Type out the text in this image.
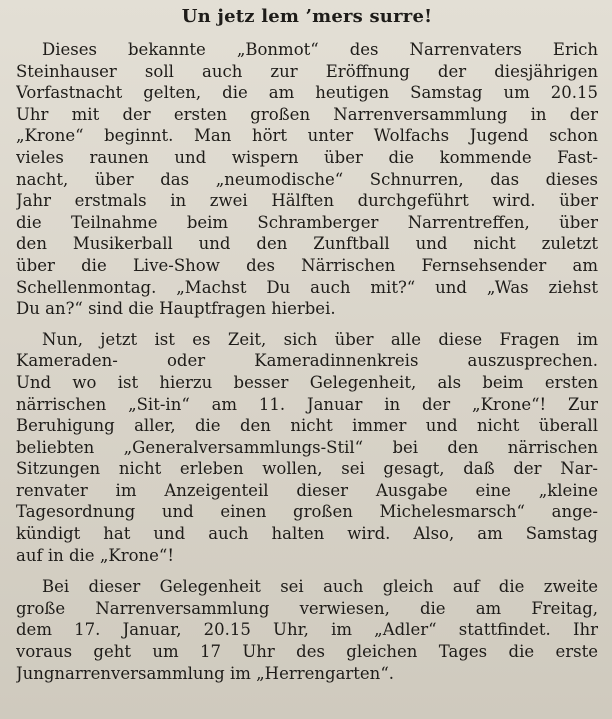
Un jetz lem ’mers surre!
Dieses bekannte „Bonmot“ des Narrenvaters Erich
Steinhauser soll auch zur Eröffnung der diesjährigen
Vorfastnacht gelten, die am heutigen Samstag um 20.15
Uhr mit der ersten großen Narrenversammlung in der
„Krone“ beginnt. Man hört unter Wolfachs Jugend schon
vieles raunen und wispern über die kommende Fast-
nacht, über das „neumodische“ Schnurren, das dieses
Jahr erstmals in zwei Hälften durchgeführt wird. über
die Teilnahme beim Schramberger Narrentreffen, über
den Musikerball und den Zunftball und nicht zuletzt
über die Live-Show des Närrischen Fernsehsender am
Schellenmontag. „Machst Du auch mit?“ und „Was ziehst
Du an?“ sind die Hauptfragen hierbei.
Nun, jetzt ist es Zeit, sich über alle diese Fragen im
Kameraden- oder Kameradinnenkreis auszusprechen.
Und wo ist hierzu besser Gelegenheit, als beim ersten
närrischen „Sit-in“ am 11. Januar in der „Krone“! Zur
Beruhigung aller, die den nicht immer und nicht überall
beliebten „Generalversammlungs-Stil“ bei den närrischen
Sitzungen nicht erleben wollen, sei gesagt, daß der Nar-
renvater im Anzeigenteil dieser Ausgabe eine „kleine
Tagesordnung und einen großen Michelesmarsch“ ange-
kündigt hat und auch halten wird. Also, am Samstag
auf in die „Krone“!
Bei dieser Gelegenheit sei auch gleich auf die zweite
große Narrenversammlung verwiesen, die am Freitag,
dem 17. Januar, 20.15 Uhr, im „Adler“ stattfindet. Ihr
voraus geht um 17 Uhr des gleichen Tages die erste
Jungnarrenversammlung im „Herrengarten“.
